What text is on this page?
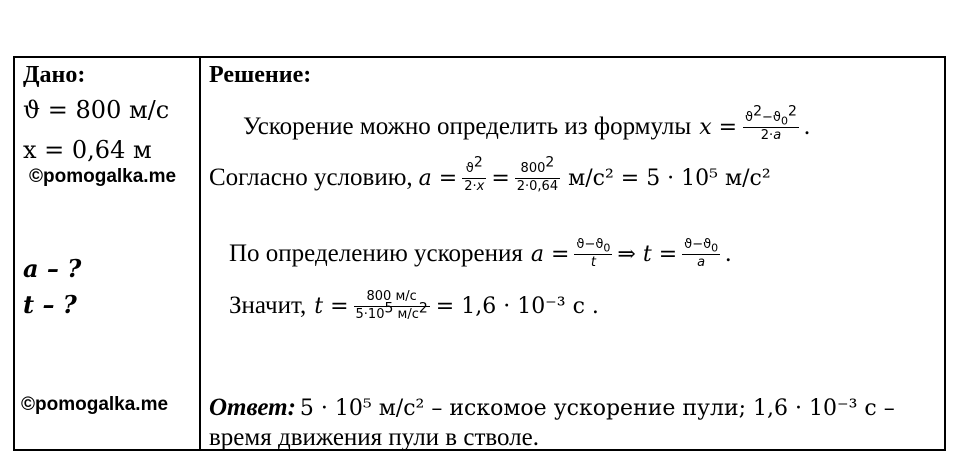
Дано:
ϑ = 800 м/с
x = 0,64 м
©pomogalka.me
a – ?
t – ?
©pomogalka.me
Решение:
Ускорение можно определить из формулы $x = \frac{ϑ^2-ϑ_0^2}{2\cdot a}$ .
Согласно условию, $a = \frac{ϑ^2}{2\cdot x} = \frac{800^2}{2\cdot 0,64} м/с^2 = 5 \cdot 10^5$ м/с²
По определению ускорения $a = \frac{ϑ-ϑ_0}{t}$ ⇒ $t = \frac{ϑ-ϑ_0}{a}$ .
Значит, $t = \frac{800 м/с}{5\cdot 10^5 м/с^2} = 1,6 \cdot 10^{-3}$ с .
Ответ: 5 · 10⁵ м/с² – искомое ускорение пули; 1,6 · 10⁻³ с –
время движения пули в стволе.
